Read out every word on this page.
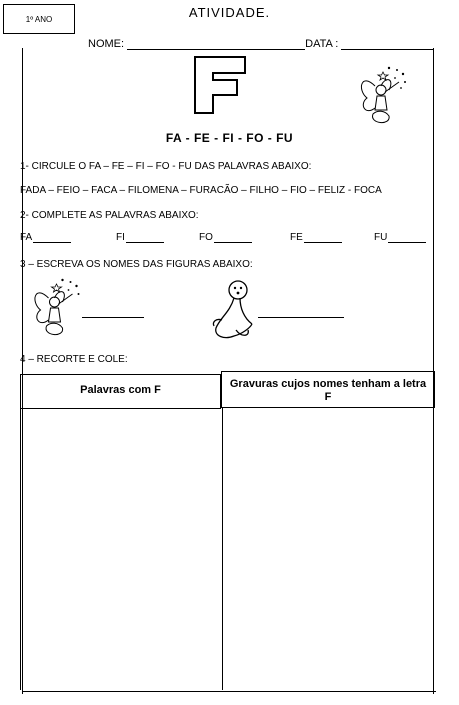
1º ANO	ATIVIDADE.
NOME:	DATA :
FA - FE - FI - FO - FU
1- CIRCULE O FA – FE – FI – FO - FU DAS PALAVRAS ABAIXO:
FADA – FEIO – FACA – FILOMENA – FURACÃO – FILHO – FIO – FELIZ - FOCA
2- COMPLETE AS PALAVRAS ABAIXO:
FA	FI	FO	FE	FU
3 – ESCREVA OS NOMES DAS FIGURAS ABAIXO:
4 – RECORTE E COLE:
Palavras com F	Gravuras cujos nomes tenham a letra F
